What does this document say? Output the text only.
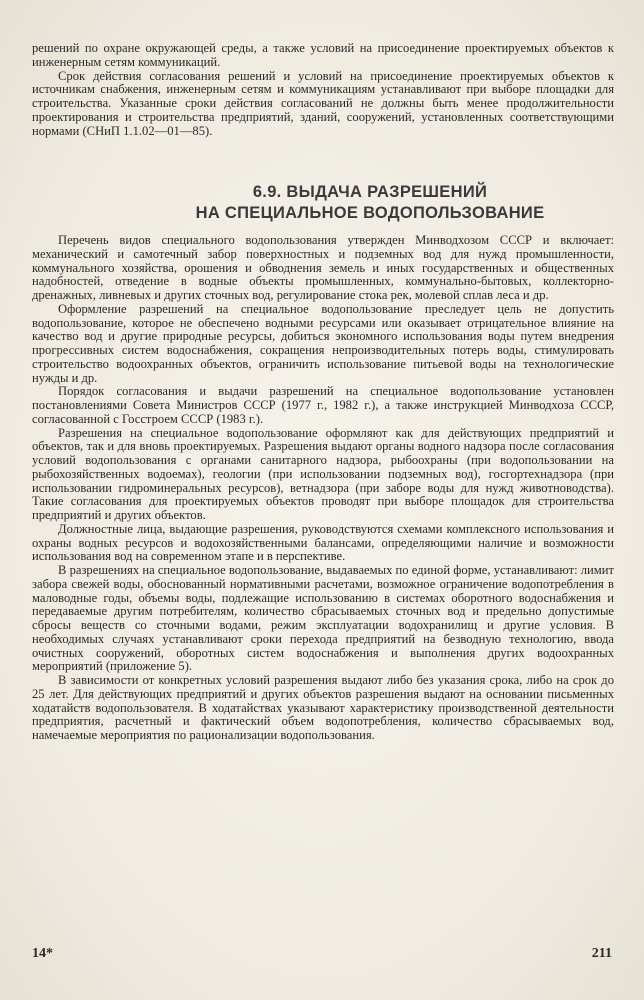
решений по охране окружающей среды, а также условий на присоединение проектируемых объектов к инженерным сетям коммуникаций.

Срок действия согласования решений и условий на присоединение проектируемых объектов к источникам снабжения, инженерным сетям и коммуникациям устанавливают при выборе площадки для строительства. Указанные сроки действия согласований не должны быть менее продолжительности проектирования и строительства предприятий, зданий, сооружений, установленных соответствующими нормами (СНиП 1.1.02—01—85).

6.9. ВЫДАЧА РАЗРЕШЕНИЙ
НА СПЕЦИАЛЬНОЕ ВОДОПОЛЬЗОВАНИЕ

Перечень видов специального водопользования утвержден Минводхозом СССР и включает: механический и самотечный забор поверхностных и подземных вод для нужд промышленности, коммунального хозяйства, орошения и обводнения земель и иных государственных и общественных надобностей, отведение в водные объекты промышленных, коммунально-бытовых, коллекторно-дренажных, ливневых и других сточных вод, регулирование стока рек, молевой сплав леса и др.

Оформление разрешений на специальное водопользование преследует цель не допустить водопользование, которое не обеспечено водными ресурсами или оказывает отрицательное влияние на качество вод и другие природные ресурсы, добиться экономного использования воды путем внедрения прогрессивных систем водоснабжения, сокращения непроизводительных потерь воды, стимулировать строительство водоохранных объектов, ограничить использование питьевой воды на технологические нужды и др.

Порядок согласования и выдачи разрешений на специальное водопользование установлен постановлениями Совета Министров СССР (1977 г., 1982 г.), а также инструкцией Минводхоза СССР, согласованной с Госстроем СССР (1983 г.).

Разрешения на специальное водопользование оформляют как для действующих предприятий и объектов, так и для вновь проектируемых. Разрешения выдают органы водного надзора после согласования условий водопользования с органами санитарного надзора, рыбоохраны (при водопользовании на рыбохозяйственных водоемах), геологии (при использовании подземных вод), госгортехнадзора (при использовании гидроминеральных ресурсов), ветнадзора (при заборе воды для нужд животноводства). Такие согласования для проектируемых объектов проводят при выборе площадок для строительства предприятий и других объектов.

Должностные лица, выдающие разрешения, руководствуются схемами комплексного использования и охраны водных ресурсов и водохозяйственными балансами, определяющими наличие и возможности использования вод на современном этапе и в перспективе.

В разрешениях на специальное водопользование, выдаваемых по единой форме, устанавливают: лимит забора свежей воды, обоснованный нормативными расчетами, возможное ограничение водопотребления в маловодные годы, объемы воды, подлежащие использованию в системах оборотного водоснабжения и передаваемые другим потребителям, количество сбрасываемых сточных вод и предельно допустимые сбросы веществ со сточными водами, режим эксплуатации водохранилищ и другие условия. В необходимых случаях устанавливают сроки перехода предприятий на безводную технологию, ввода очистных сооружений, оборотных систем водоснабжения и выполнения других водоохранных мероприятий (приложение 5).

В зависимости от конкретных условий разрешения выдают либо без указания срока, либо на срок до 25 лет. Для действующих предприятий и других объектов разрешения выдают на основании письменных ходатайств водопользователя. В ходатайствах указывают характеристику производственной деятельности предприятия, расчетный и фактический объем водопотребления, количество сбрасываемых вод, намечаемые мероприятия по рационализации водопользования.

14*	211
